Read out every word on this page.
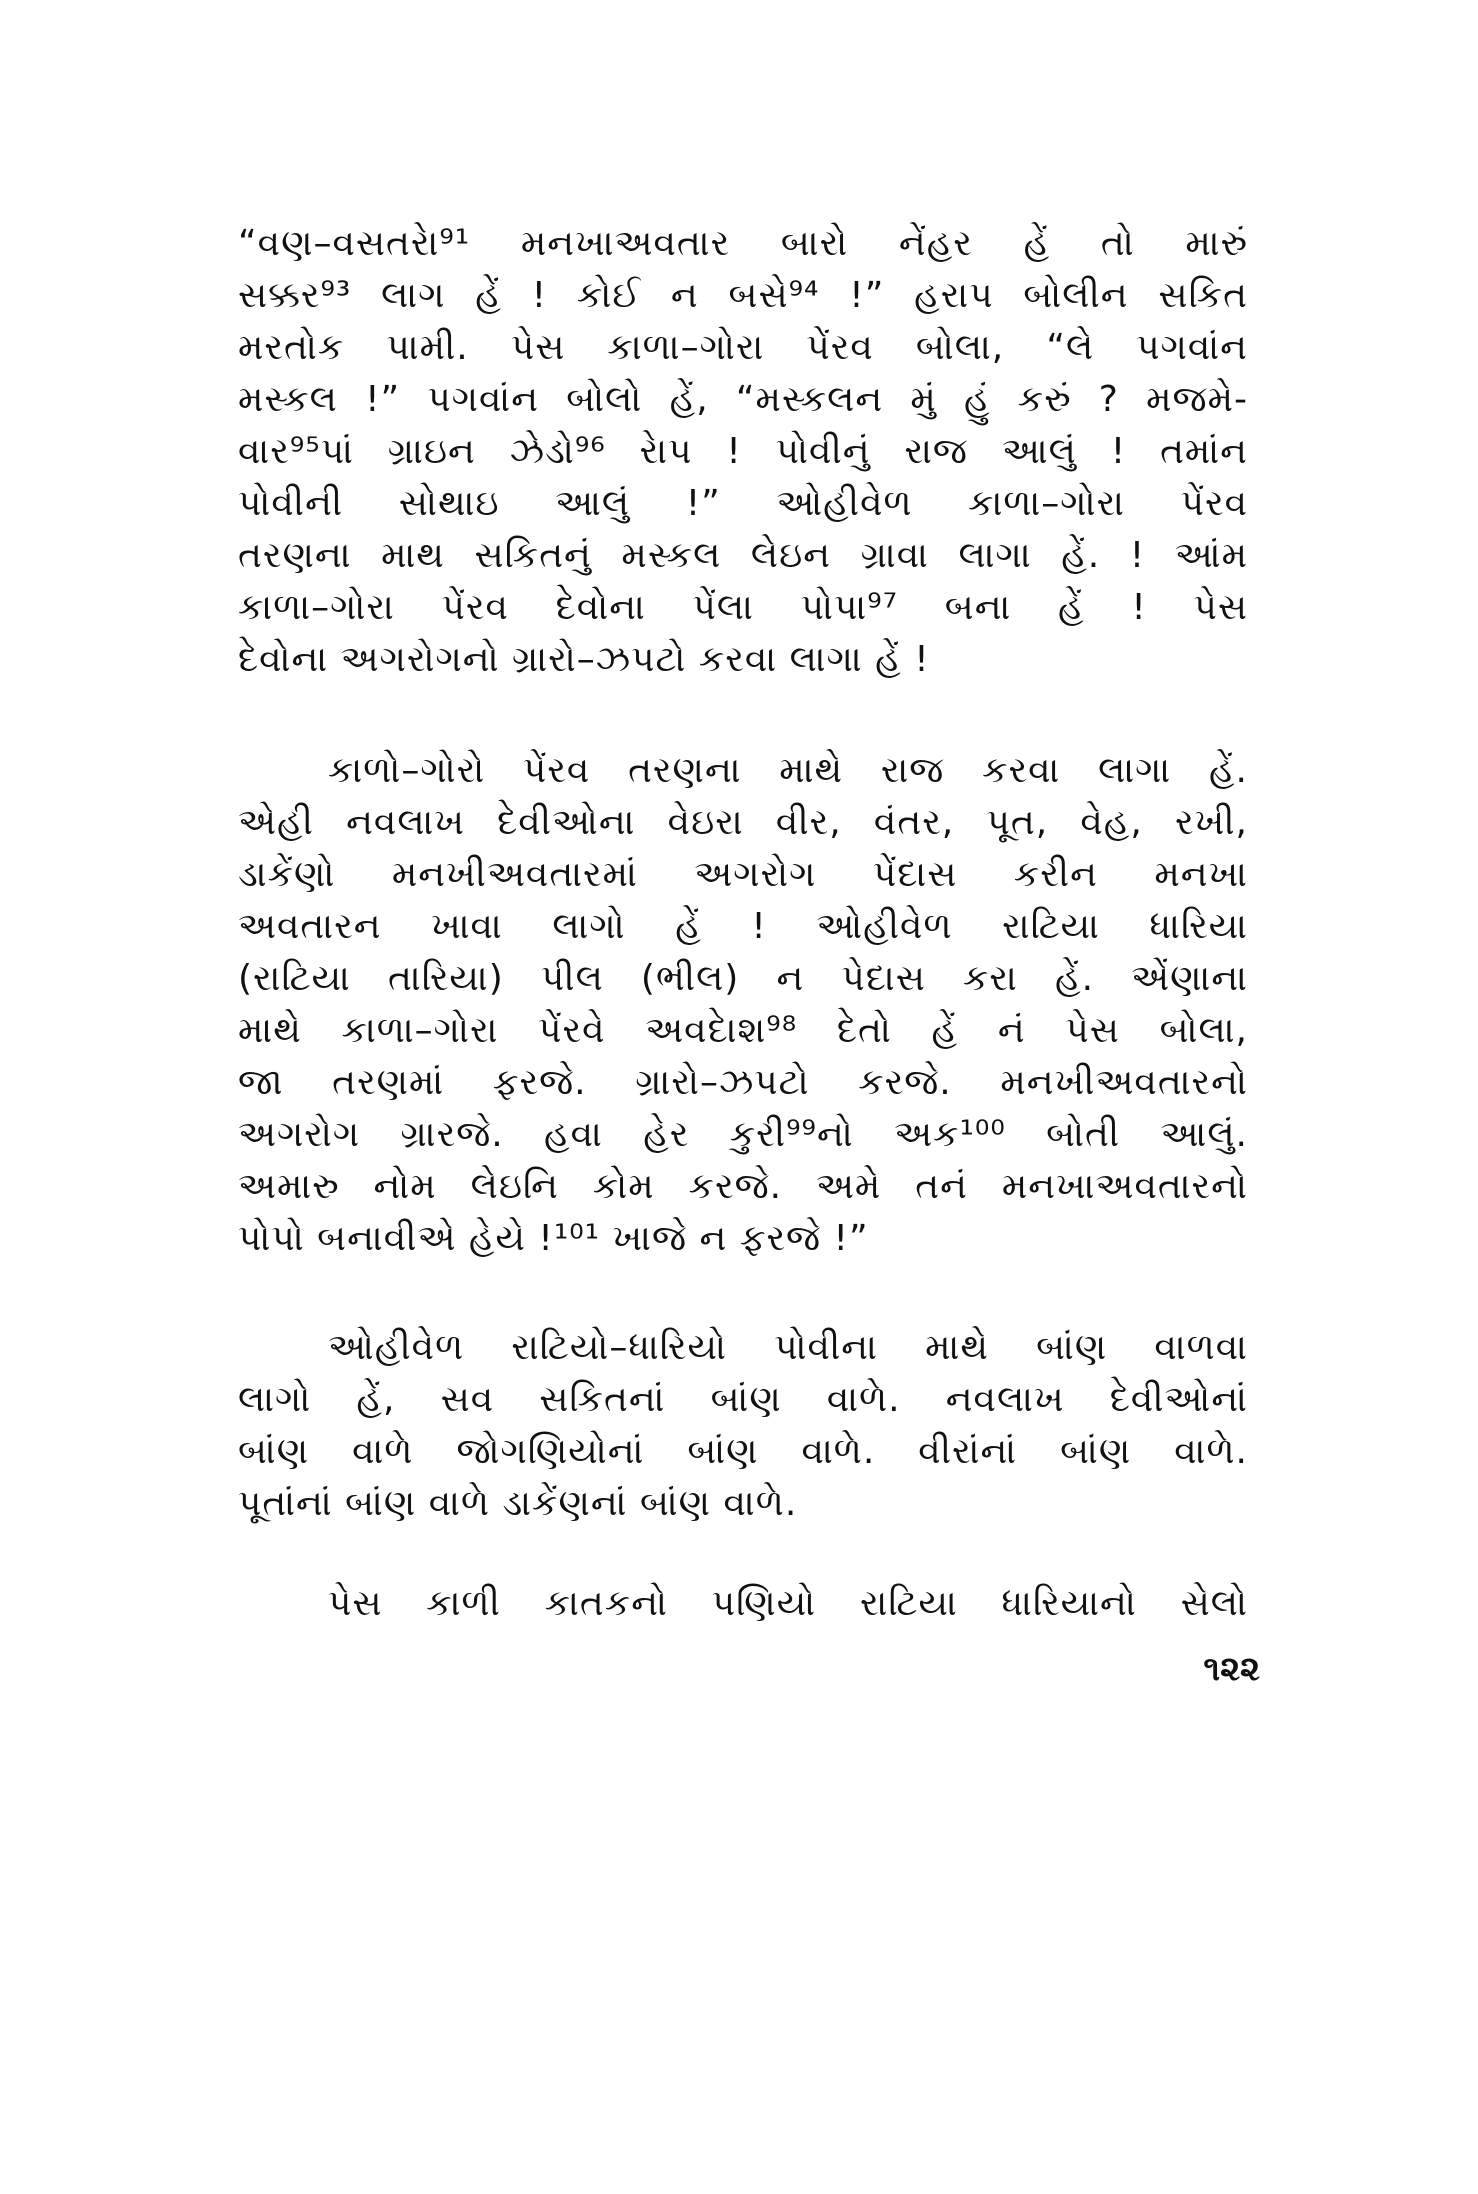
“વણ–વસતરેા⁹¹ મનખાઅવતાર બારો નેંહર હેં તો મારું
સક્કર⁹³ લાગ હેં ! કોઈ ન બસે⁹⁴ !” હરાપ બોલીન સકિત
મરતોક પામી. પેસ કાળા–ગોરા પેંરવ બોલા, “લે પગવાંન
મસ્કલ !” પગવાંન બોલો હેં, “મસ્કલન મું હું કરું ? મજમે-
વાર⁹⁵પાં ગ્રાઇન ઝેડો⁹⁶ રેાપ ! પોવીનું રાજ આલું ! તમાંન
પોવીની સોથાઇ આલું !” ઓહીવેળ કાળા–ગોરા પેંરવ
તરણના માથ સકિતનું મસ્કલ લેઇન ગ્રાવા લાગા હેં. ! આંમ
કાળા–ગોરા પેંરવ દેવોના પેંલા પોપા⁹⁷ બના હેં ! પેસ
દેવોના અગરોગનો ગ્રારો–ઝપટો કરવા લાગા હેં !
કાળો–ગોરો પેંરવ તરણના માથે રાજ કરવા લાગા હેં.
એહી નવલાખ દેવીઓના વેઇરા વીર, વંતર, પૂત, વેહ, રખી,
ડાકેંણો મનખીઅવતારમાં અગરોગ પેંદાસ કરીન મનખા
અવતારન ખાવા લાગો હેં ! ઓહીવેળ રાટિયા ધારિયા
(રાટિયા તારિયા) પીલ (ભીલ) ન પેદાસ કરા હેં. એંણાના
માથે કાળા–ગોરા પેંરવે અવદેાશ⁹⁸ દેતો હેં નં પેસ બોલા,
જા તરણમાં ફરજે. ગ્રારો–ઝપટો કરજે. મનખીઅવતારનો
અગરોગ ગ્રારજે. હવા હેર કુરી⁹⁹નો અક¹⁰⁰ બોતી આલું.
અમારુ નોમ લેઇનિ કોમ કરજે. અમે તનં મનખાઅવતારનો
પોપો બનાવીએ હેયે !¹⁰¹ ખાજે ન ફરજે !”
ઓહીવેળ રાટિયો–ધારિયો પોવીના માથે બાંણ વાળવા
લાગો હેં, સવ સકિતનાં બાંણ વાળે. નવલાખ દેવીઓનાં
બાંણ વાળે જોગણિયોનાં બાંણ વાળે. વીરાંનાં બાંણ વાળે.
પૂતાંનાં બાંણ વાળે ડાકેંણનાં બાંણ વાળે.
પેસ કાળી કાતકનો પણિયો રાટિયા ધારિયાનો સેલો
૧૨૨
